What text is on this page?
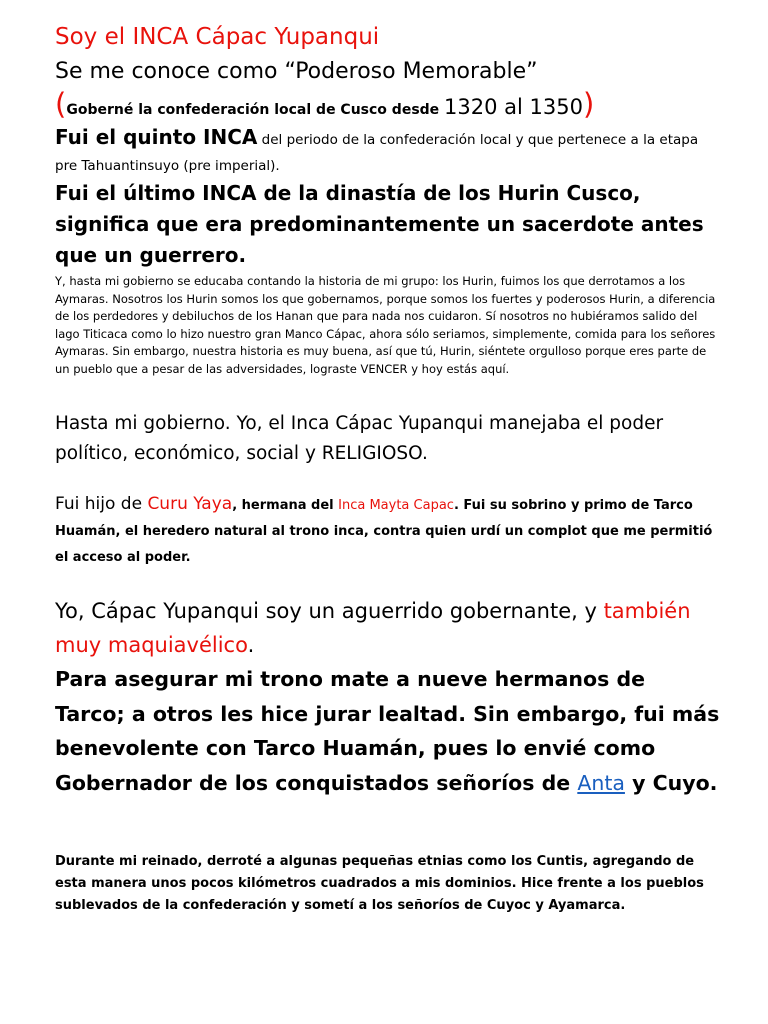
Soy el INCA Cápac Yupanqui

Se me conoce como “Poderoso Memorable”

(Goberné la confederación local de Cusco desde 1320 al 1350)

Fui el quinto INCA del periodo de la confederación local y que pertenece a la etapa pre Tahuantinsuyo (pre imperial).

Fui el último INCA de la dinastía de los Hurin Cusco, significa que era predominantemente un sacerdote antes que un guerrero.

Y, hasta mi gobierno se educaba contando la historia de mi grupo: los Hurin, fuimos los que derrotamos a los Aymaras. Nosotros los Hurin somos los que gobernamos, porque somos los fuertes y poderosos Hurin, a diferencia de los perdedores y debiluchos de los Hanan que para nada nos cuidaron. Sí nosotros no hubiéramos salido del lago Titicaca como lo hizo nuestro gran Manco Cápac, ahora sólo seriamos, simplemente, comida para los señores Aymaras. Sin embargo, nuestra historia es muy buena, así que tú, Hurin, siéntete orgulloso porque eres parte de un pueblo que a pesar de las adversidades, lograste VENCER y hoy estás aquí.

Hasta mi gobierno. Yo, el Inca Cápac Yupanqui manejaba el poder político, económico, social y RELIGIOSO.

Fui hijo de Curu Yaya, hermana del Inca Mayta Capac. Fui su sobrino y primo de Tarco Huamán, el heredero natural al trono inca, contra quien urdí un complot que me permitió el acceso al poder.

Yo, Cápac Yupanqui soy un aguerrido gobernante, y también muy maquiavélico.

Para asegurar mi trono mate a nueve hermanos de Tarco; a otros les hice jurar lealtad. Sin embargo, fui más benevolente con Tarco Huamán, pues lo envié como Gobernador de los conquistados señoríos de Anta y Cuyo.

Durante mi reinado, derroté a algunas pequeñas etnias como los Cuntis, agregando de esta manera unos pocos kilómetros cuadrados a mis dominios. Hice frente a los pueblos sublevados de la confederación y sometí a los señoríos de Cuyoc y Ayamarca.
